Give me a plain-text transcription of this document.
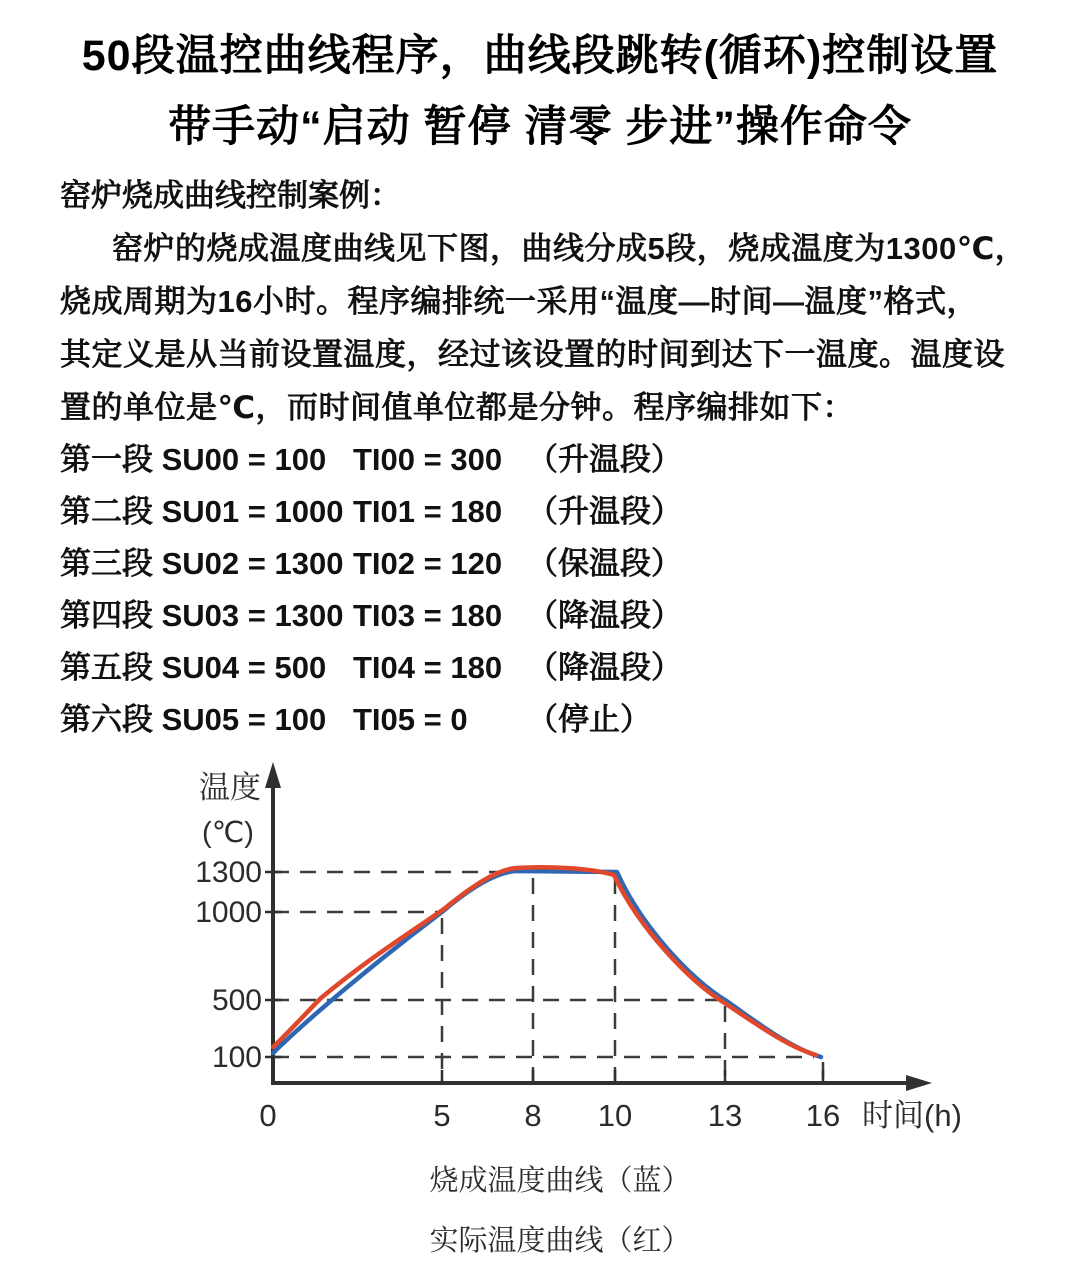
50段温控曲线程序，曲线段跳转(循环)控制设置
带手动“启动 暂停 清零 步进”操作命令
窑炉烧成曲线控制案例：
窑炉的烧成温度曲线见下图，曲线分成5段，烧成温度为1300℃，
烧成周期为16小时。程序编排统一采用“温度—时间—温度”格式，
其定义是从当前设置温度，经过该设置的时间到达下一温度。温度设
置的单位是℃，而时间值单位都是分钟。程序编排如下：
第一段 SU00 = 100 TI00 = 300 （升温段）
第二段 SU01 = 1000 TI01 = 180 （升温段）
第三段 SU02 = 1300 TI02 = 120 （保温段）
第四段 SU03 = 1300 TI03 = 180 （降温段）
第五段 SU04 = 500 TI04 = 180 （降温段）
第六段 SU05 = 100 TI05 = 0	（停止）
温度
(℃)
1300
1000
500
100
0	5 8 10 13 16 时间(h)
烧成温度曲线（蓝）
实际温度曲线（红）
